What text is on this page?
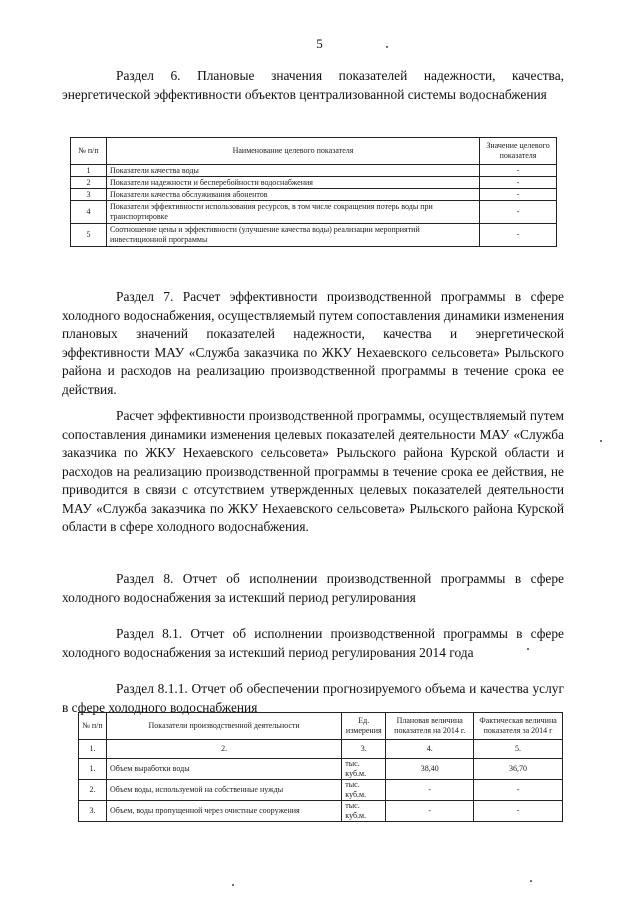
5

Раздел 6. Плановые значения показателей надежности, качества, энергетической эффективности объектов централизованной системы водоснабжения

№ п/п	Наименование целевого показателя	Значение целевого показателя
1	Показатели качества воды	-
2	Показатели надежности и бесперебойности водоснабжения	-
3	Показатели качества обслуживания абонентов	-
4	Показатели эффективности использования ресурсов, в том числе сокращения потерь воды при транспортировке	-
5	Соотношение цены и эффективности (улучшение качества воды) реализации мероприятий инвестиционной программы	-

Раздел 7. Расчет эффективности производственной программы в сфере холодного водоснабжения, осуществляемый путем сопоставления динамики изменения плановых значений показателей надежности, качества и энергетической эффективности МАУ «Служба заказчика по ЖКУ Нехаевского сельсовета» Рыльского района и расходов на реализацию производственной программы в течение срока ее действия.

Расчет эффективности производственной программы, осуществляемый путем сопоставления динамики изменения целевых показателей деятельности МАУ «Служба заказчика по ЖКУ Нехаевского сельсовета» Рыльского района Курской области и расходов на реализацию производственной программы в течение срока ее действия, не приводится в связи с отсутствием утвержденных целевых показателей деятельности МАУ «Служба заказчика по ЖКУ Нехаевского сельсовета» Рыльского района Курской области в сфере холодного водоснабжения.

Раздел 8. Отчет об исполнении производственной программы в сфере холодного водоснабжения за истекший период регулирования

Раздел 8.1. Отчет об исполнении производственной программы в сфере холодного водоснабжения за истекший период регулирования 2014 года

Раздел 8.1.1. Отчет об обеспечении прогнозируемого объема и качества услуг в сфере холодного водоснабжения

№ п/п	Показатели производственной деятельности	Ед. измерения	Плановая величина показателя на 2014 г.	Фактическая величина показателя за 2014 г
1.	2.	3.	4.	5.
1.	Объем выработки воды	тыс. куб.м.	38,40	36,70
2.	Объем воды, используемой на собственные нужды	тыс. куб.м.	-	-
3.	Объем, воды пропущенной через очистные сооружения	тыс. куб.м.	-	-
